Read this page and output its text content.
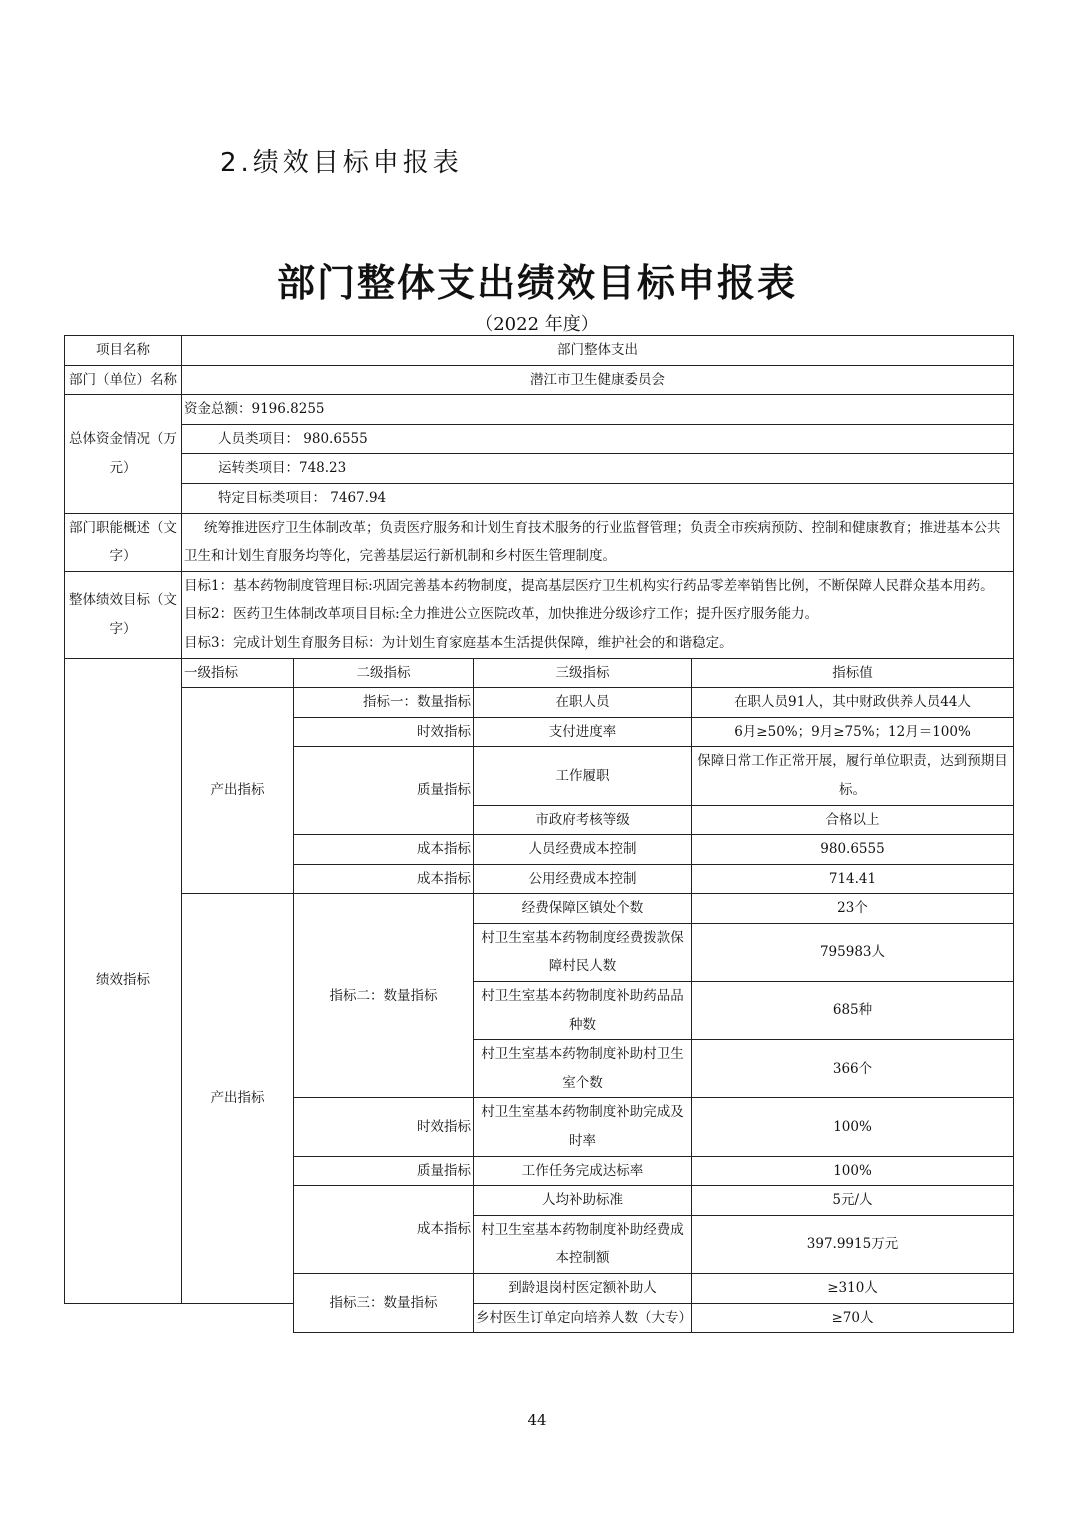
2.绩效目标申报表
部门整体支出绩效目标申报表
（2022 年度）
项目名称	部门整体支出			
部门（单位）名称	潜江市卫生健康委员会			
总体资金情况（万元）	资金总额：9196.8255			
	人员类项目： 980.6555			
	运转类项目：748.23			
	特定目标类项目： 7467.94			
部门职能概述（文字）	统筹推进医疗卫生体制改革；负责医疗服务和计划生育技术服务的行业监督管理；负责全市疾病预防、控制和健康教育；推进基本公共卫生和计划生育服务均等化，完善基层运行新机制和乡村医生管理制度。			
整体绩效目标（文字）	目标1：基本药物制度管理目标:巩固完善基本药物制度，提高基层医疗卫生机构实行药品零差率销售比例，不断保障人民群众基本用药。
目标2：医药卫生体制改革项目目标:全力推进公立医院改革，加快推进分级诊疗工作；提升医疗服务能力。
目标3：完成计划生育服务目标：为计划生育家庭基本生活提供保障，维护社会的和谐稳定。			

绩效指标	一级指标	二级指标	三级指标	指标值
	产出指标	指标一：数量指标	在职人员	在职人员91人，其中财政供养人员44人
		时效指标	支付进度率	6月≥50%；9月≥75%；12月＝100%
		质量指标	工作履职	保障日常工作正常开展，履行单位职责，达到预期目标。

			市政府考核等级	合格以上
		成本指标	人员经费成本控制	980.6555
		成本指标	公用经费成本控制	714.41
	产出指标	指标二：数量指标	经费保障区镇处个数	23个
			村卫生室基本药物制度经费拨款保障村民人数	795983人

			村卫生室基本药物制度补助药品品种数	685种

			村卫生室基本药物制度补助村卫生室个数	366个

		时效指标	村卫生室基本药物制度补助完成及时率	100%

		质量指标	工作任务完成达标率	100%
		成本指标	人均补助标准	5元/人
			村卫生室基本药物制度补助经费成本控制额	397.9915万元

		指标三：数量指标	到龄退岗村医定额补助人	≥310人
			乡村医生订单定向培养人数（大专）	≥70人

44
